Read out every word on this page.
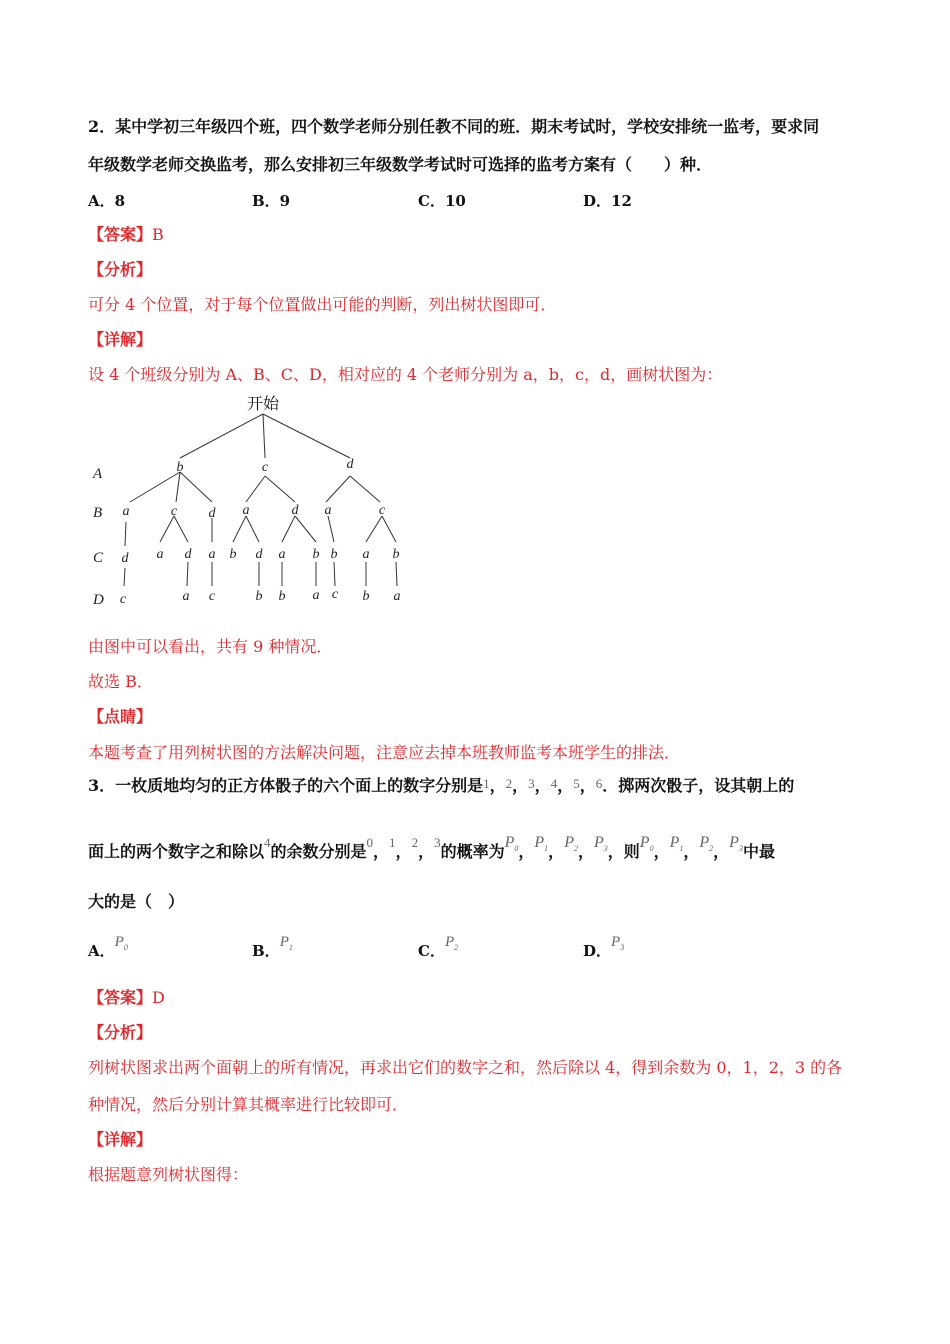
2．某中学初三年级四个班，四个数学老师分别任教不同的班．期末考试时，学校安排统一监考，要求同
年级数学老师交换监考，那么安排初三年级数学考试时可选择的监考方案有（　　）种．
A．8	B．9	C．10	D．12
【答案】B
【分析】
可分 4 个位置，对于每个位置做出可能的判断，列出树状图即可．
【详解】
设 4 个班级分别为 A、B、C、D，相对应的 4 个老师分别为 a，b，c，d，画树状图为：
开始
A
B
C
D
b	c	d
a	c d a	d a	c
d a d a b d a b b a b
c	a c	b b a c b a
由图中可以看出，共有 9 种情况．
故选 B．
【点睛】
本题考查了用列树状图的方法解决问题，注意应去掉本班教师监考本班学生的排法．
3．一枚质地均匀的正方体骰子的六个面上的数字分别是1，2，3，4，5，6．掷两次骰子，设其朝上的
面上的两个数字之和除以$^4$的余数分别是$^0$，$^1$，$^2$，$^3$的概率为$P_0$，$P_1$，$P_2$，$P_3$，则$P_0$，$P_1$，$P_2$，$P_3$中最
大的是（　）
A．$P_0$	B．$P_1$	C．$P_2$	D．$P_3$
【答案】D
【分析】
列树状图求出两个面朝上的所有情况，再求出它们的数字之和，然后除以 4，得到余数为 0，1，2，3 的各
种情况，然后分别计算其概率进行比较即可．
【详解】
根据题意列树状图得：
